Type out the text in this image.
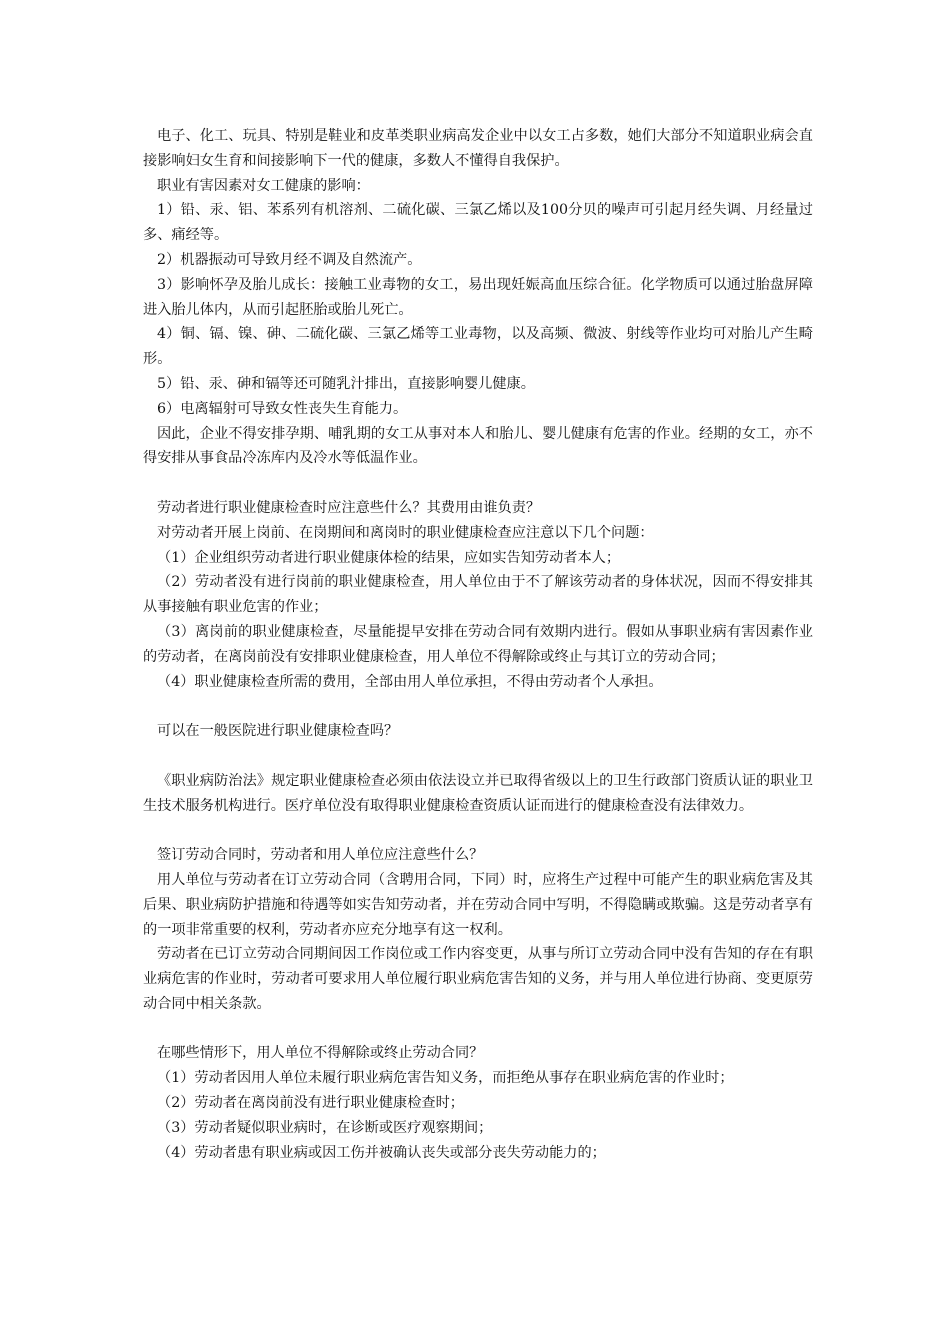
电子、化工、玩具、特别是鞋业和皮革类职业病高发企业中以女工占多数，她们大部分不知道职业病会直接影响妇女生育和间接影响下一代的健康，多数人不懂得自我保护。

职业有害因素对女工健康的影响：

1）铅、汞、铝、苯系列有机溶剂、二硫化碳、三氯乙烯以及100分贝的噪声可引起月经失调、月经量过多、痛经等。

2）机器振动可导致月经不调及自然流产。

3）影响怀孕及胎儿成长：接触工业毒物的女工，易出现妊娠高血压综合征。化学物质可以通过胎盘屏障进入胎儿体内，从而引起胚胎或胎儿死亡。

4）铜、镉、镍、砷、二硫化碳、三氯乙烯等工业毒物，以及高频、微波、射线等作业均可对胎儿产生畸形。

5）铅、汞、砷和镉等还可随乳汁排出，直接影响婴儿健康。

6）电离辐射可导致女性丧失生育能力。

因此，企业不得安排孕期、哺乳期的女工从事对本人和胎儿、婴儿健康有危害的作业。经期的女工，亦不得安排从事食品冷冻库内及冷水等低温作业。

劳动者进行职业健康检查时应注意些什么？其费用由谁负责？

对劳动者开展上岗前、在岗期间和离岗时的职业健康检查应注意以下几个问题：

（1）企业组织劳动者进行职业健康体检的结果，应如实告知劳动者本人；

（2）劳动者没有进行岗前的职业健康检查，用人单位由于不了解该劳动者的身体状况，因而不得安排其从事接触有职业危害的作业；

（3）离岗前的职业健康检查，尽量能提早安排在劳动合同有效期内进行。假如从事职业病有害因素作业的劳动者，在离岗前没有安排职业健康检查，用人单位不得解除或终止与其订立的劳动合同；

（4）职业健康检查所需的费用，全部由用人单位承担，不得由劳动者个人承担。

可以在一般医院进行职业健康检查吗？

《职业病防治法》规定职业健康检查必须由依法设立并已取得省级以上的卫生行政部门资质认证的职业卫生技术服务机构进行。医疗单位没有取得职业健康检查资质认证而进行的健康检查没有法律效力。

签订劳动合同时，劳动者和用人单位应注意些什么？

用人单位与劳动者在订立劳动合同（含聘用合同，下同）时，应将生产过程中可能产生的职业病危害及其后果、职业病防护措施和待遇等如实告知劳动者，并在劳动合同中写明，不得隐瞒或欺骗。这是劳动者享有的一项非常重要的权利，劳动者亦应充分地享有这一权利。

劳动者在已订立劳动合同期间因工作岗位或工作内容变更，从事与所订立劳动合同中没有告知的存在有职业病危害的作业时，劳动者可要求用人单位履行职业病危害告知的义务，并与用人单位进行协商、变更原劳动合同中相关条款。

在哪些情形下，用人单位不得解除或终止劳动合同？

（1）劳动者因用人单位未履行职业病危害告知义务，而拒绝从事存在职业病危害的作业时；

（2）劳动者在离岗前没有进行职业健康检查时；

（3）劳动者疑似职业病时，在诊断或医疗观察期间；

（4）劳动者患有职业病或因工伤并被确认丧失或部分丧失劳动能力的；
